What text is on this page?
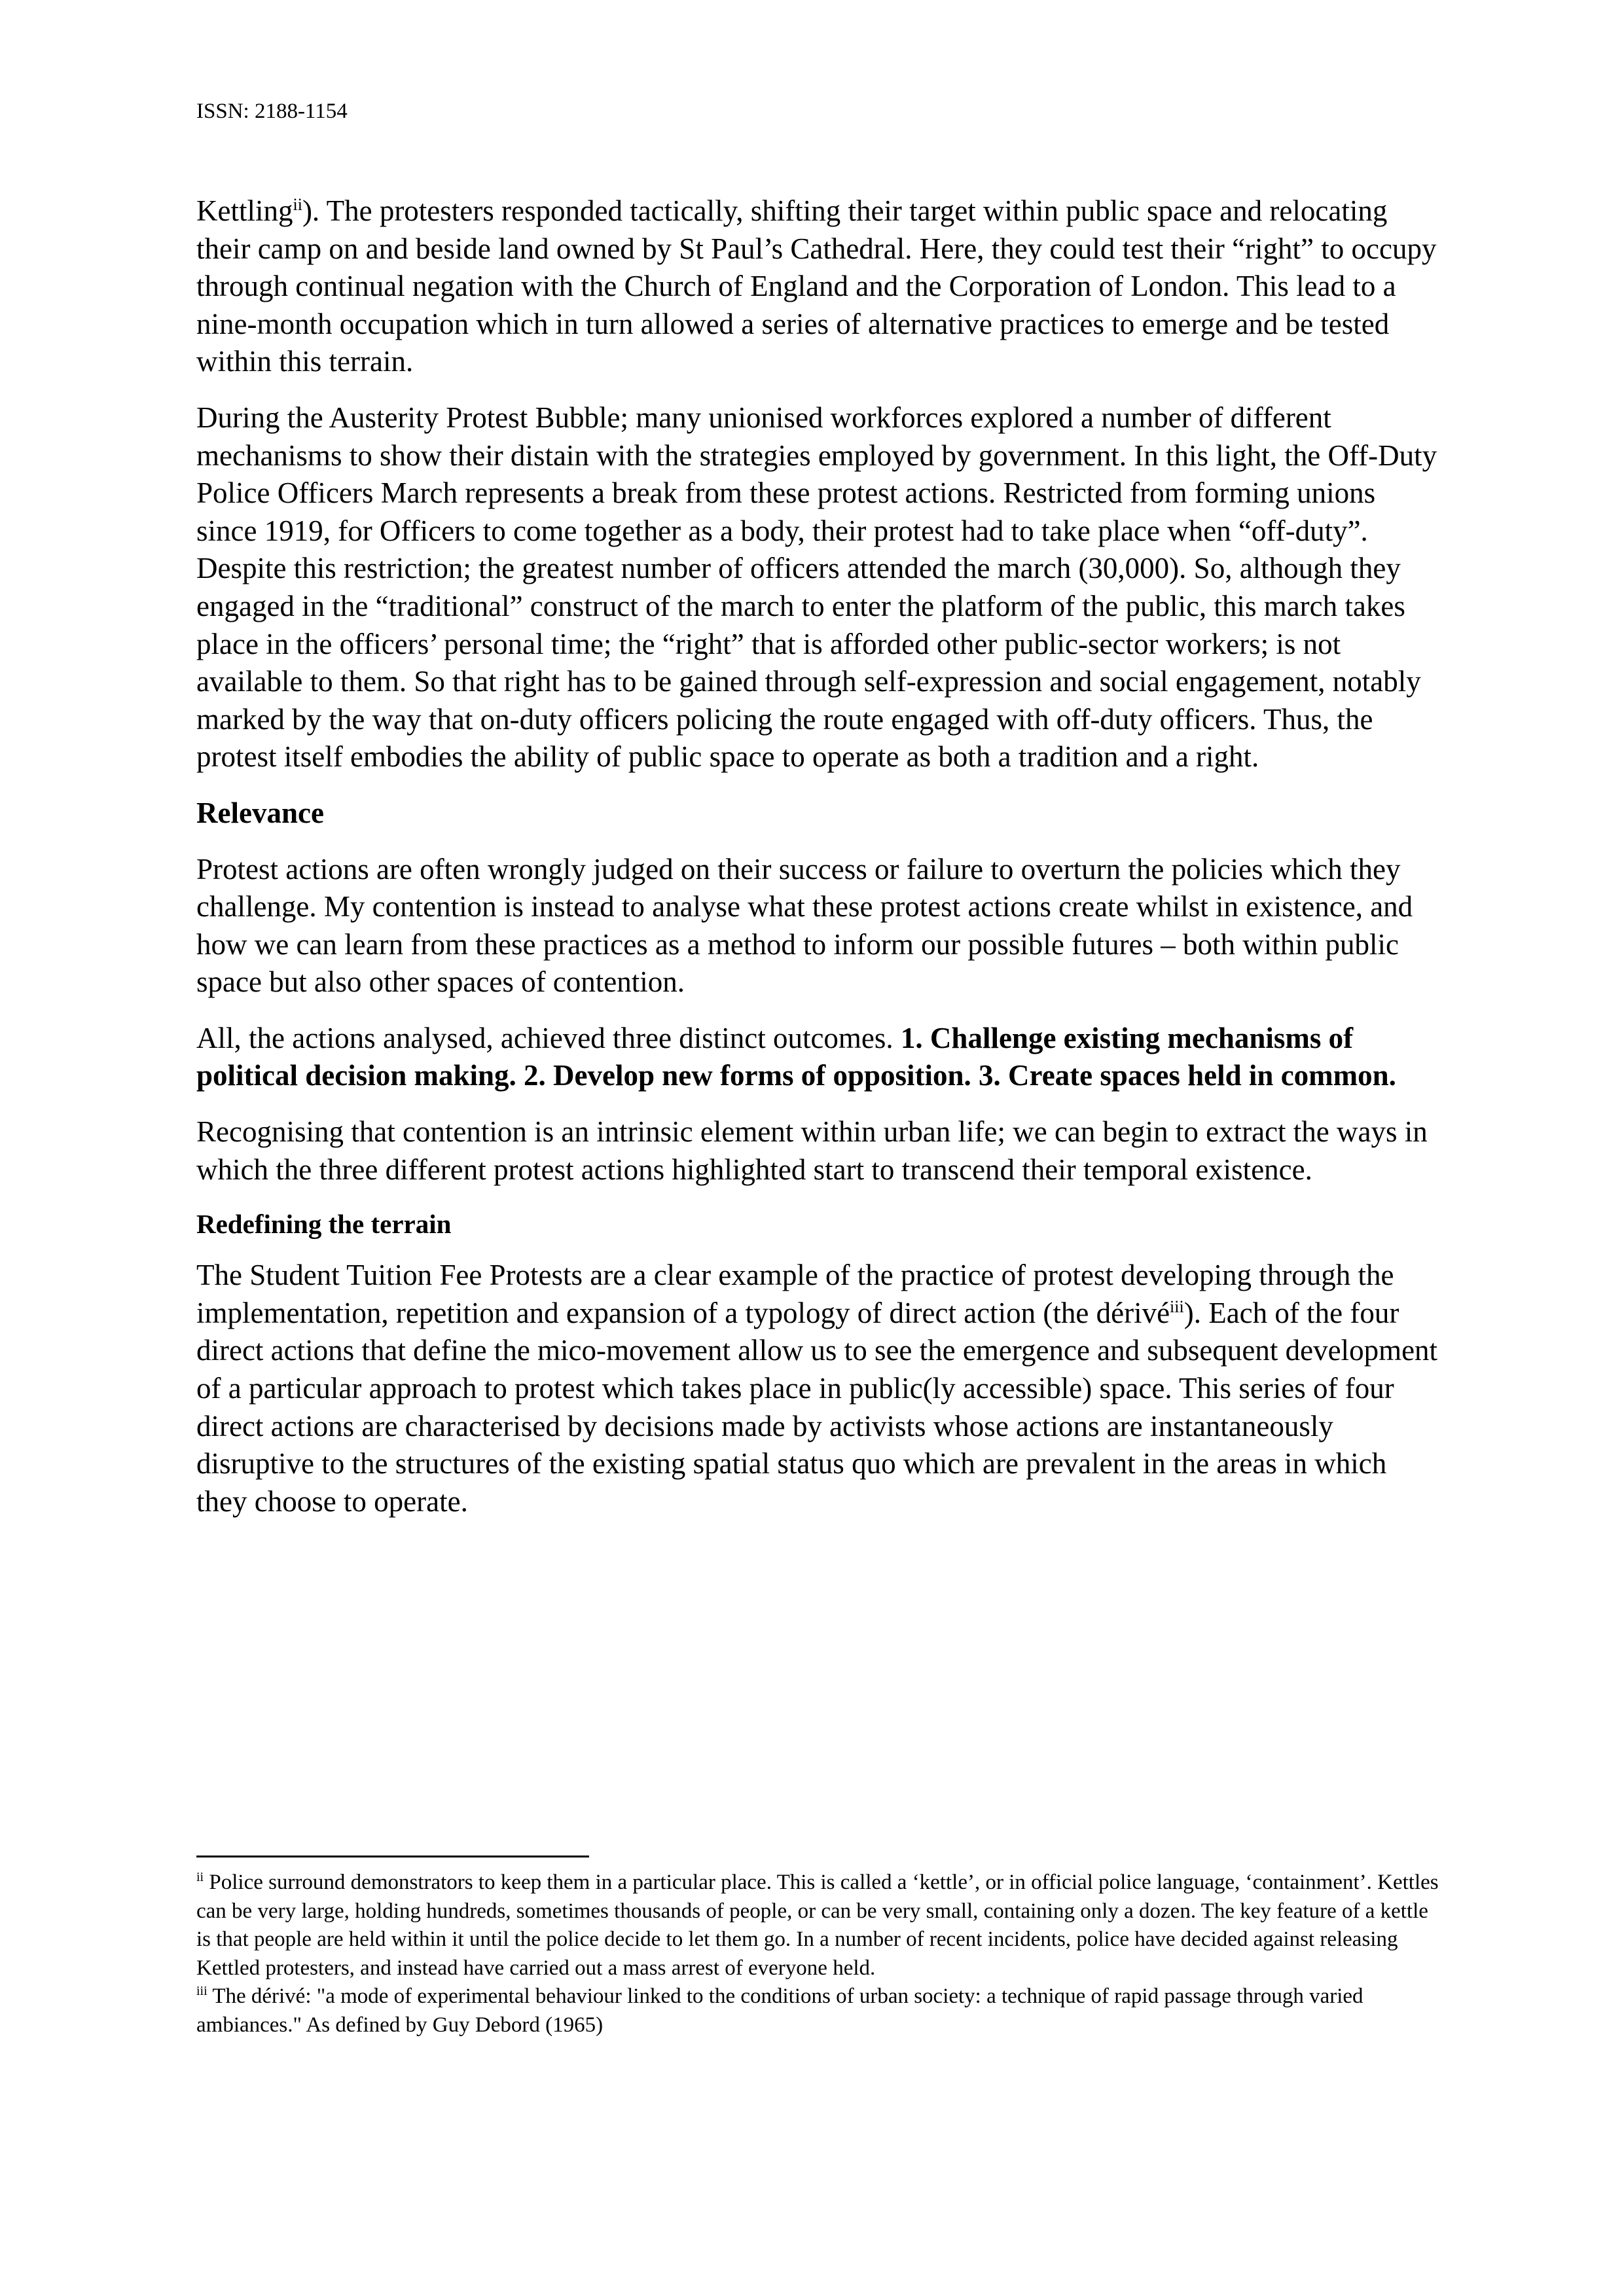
ISSN: 2188-1154

Kettling$^{ii}$). The protesters responded tactically, shifting their target within public space and relocating their camp on and beside land owned by St Paul’s Cathedral. Here, they could test their “right” to occupy through continual negation with the Church of England and the Corporation of London. This lead to a nine-month occupation which in turn allowed a series of alternative practices to emerge and be tested within this terrain.

During the Austerity Protest Bubble; many unionised workforces explored a number of different mechanisms to show their distain with the strategies employed by government. In this light, the Off-Duty Police Officers March represents a break from these protest actions. Restricted from forming unions since 1919, for Officers to come together as a body, their protest had to take place when “off-duty”. Despite this restriction; the greatest number of officers attended the march (30,000). So, although they engaged in the “traditional” construct of the march to enter the platform of the public, this march takes place in the officers’ personal time; the “right” that is afforded other public-sector workers; is not available to them. So that right has to be gained through self-expression and social engagement, notably marked by the way that on-duty officers policing the route engaged with off-duty officers. Thus, the protest itself embodies the ability of public space to operate as both a tradition and a right.

Relevance

Protest actions are often wrongly judged on their success or failure to overturn the policies which they challenge. My contention is instead to analyse what these protest actions create whilst in existence, and how we can learn from these practices as a method to inform our possible futures – both within public space but also other spaces of contention.

All, the actions analysed, achieved three distinct outcomes. 1. Challenge existing mechanisms of political decision making. 2. Develop new forms of opposition. 3. Create spaces held in common.

Recognising that contention is an intrinsic element within urban life; we can begin to extract the ways in which the three different protest actions highlighted start to transcend their temporal existence.

Redefining the terrain

The Student Tuition Fee Protests are a clear example of the practice of protest developing through the implementation, repetition and expansion of a typology of direct action (the dérivé$^{iii}$). Each of the four direct actions that define the mico-movement allow us to see the emergence and subsequent development of a particular approach to protest which takes place in public(ly accessible) space. This series of four direct actions are characterised by decisions made by activists whose actions are instantaneously disruptive to the structures of the existing spatial status quo which are prevalent in the areas in which they choose to operate.

$^{ii}$ Police surround demonstrators to keep them in a particular place. This is called a ‘kettle’, or in official police language, ‘containment’. Kettles can be very large, holding hundreds, sometimes thousands of people, or can be very small, containing only a dozen. The key feature of a kettle is that people are held within it until the police decide to let them go. In a number of recent incidents, police have decided against releasing Kettled protesters, and instead have carried out a mass arrest of everyone held.

$^{iii}$ The dérivé: "a mode of experimental behaviour linked to the conditions of urban society: a technique of rapid passage through varied ambiances." As defined by Guy Debord (1965)
